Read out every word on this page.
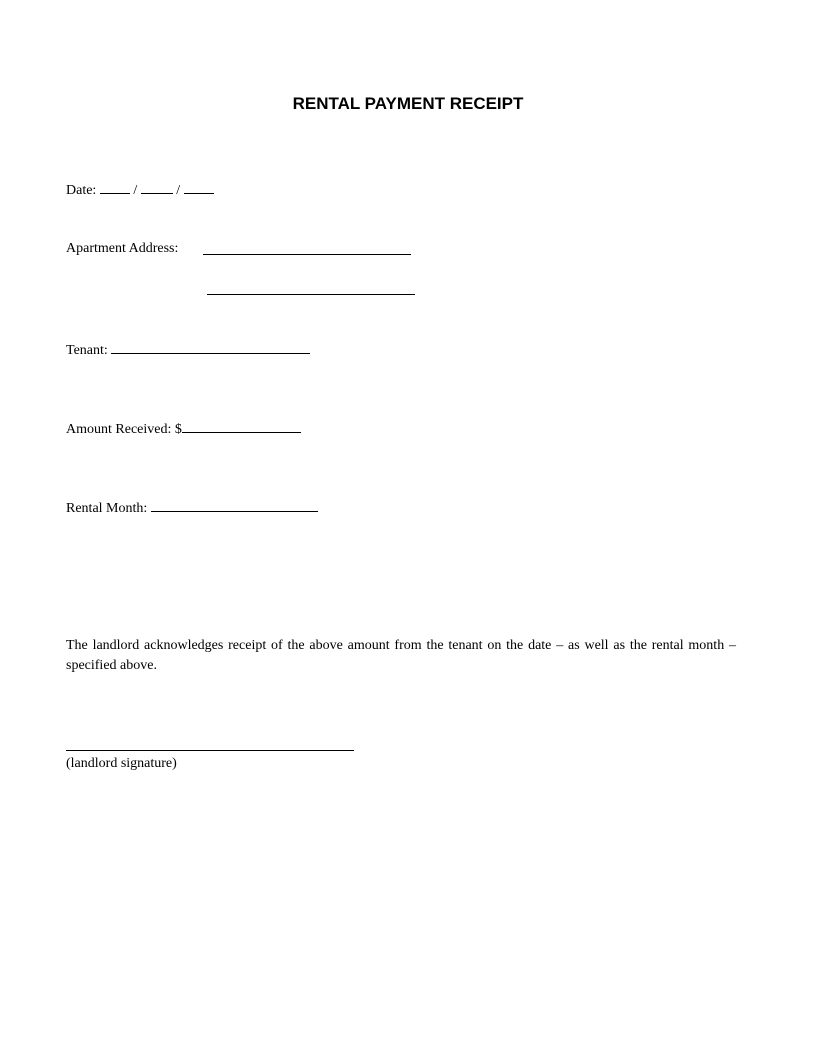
RENTAL PAYMENT RECEIPT
Date:	/	/
Apartment Address:
Tenant:
Amount Received: $
Rental Month:
The landlord acknowledges receipt of the above amount from the tenant on the date – as well as the rental month – specified above.
(landlord signature)
